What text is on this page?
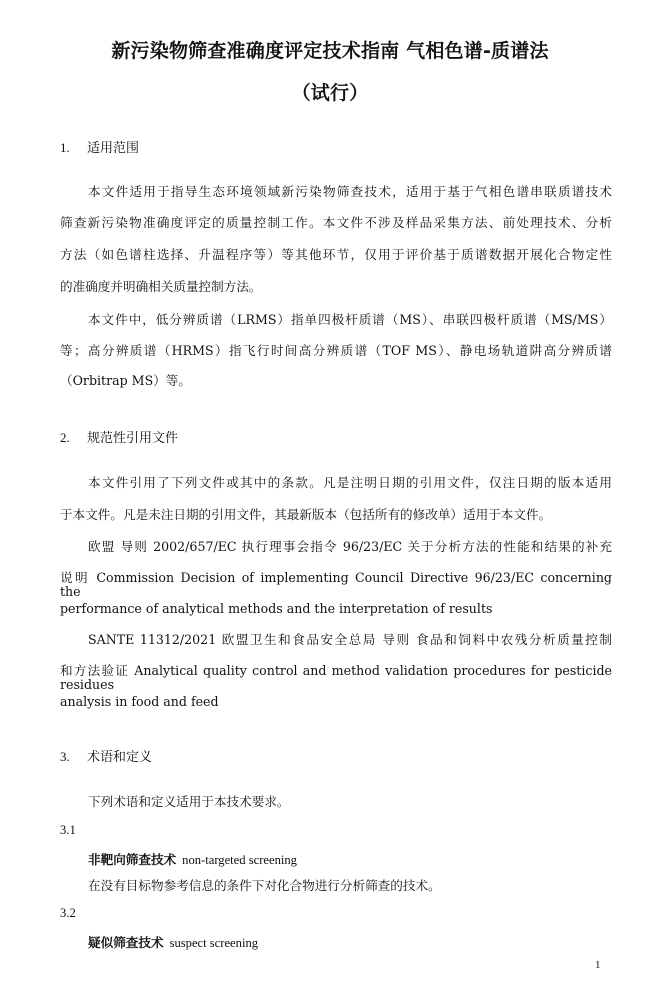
新污染物筛查准确度评定技术指南 气相色谱-质谱法
（试行）
1. 适用范围
本文件适用于指导生态环境领域新污染物筛查技术，适用于基于气相色谱串联质谱技术
筛查新污染物准确度评定的质量控制工作。本文件不涉及样品采集方法、前处理技术、分析
方法（如色谱柱选择、升温程序等）等其他环节，仅用于评价基于质谱数据开展化合物定性
的准确度并明确相关质量控制方法。
本文件中，低分辨质谱（LRMS）指单四极杆质谱（MS）、串联四极杆质谱（MS/MS）
等；高分辨质谱（HRMS）指飞行时间高分辨质谱（TOF MS）、静电场轨道阱高分辨质谱
（Orbitrap MS）等。
2. 规范性引用文件
本文件引用了下列文件或其中的条款。凡是注明日期的引用文件，仅注日期的版本适用
于本文件。凡是未注日期的引用文件，其最新版本（包括所有的修改单）适用于本文件。
欧盟 导则 2002/657/EC 执行理事会指令 96/23/EC 关于分析方法的性能和结果的补充
说明 Commission Decision of implementing Council Directive 96/23/EC concerning the
performance of analytical methods and the interpretation of results
SANTE 11312/2021 欧盟卫生和食品安全总局 导则 食品和饲料中农残分析质量控制
和方法验证 Analytical quality control and method validation procedures for pesticide residues
analysis in food and feed
3. 术语和定义
下列术语和定义适用于本技术要求。
3.1
非靶向筛查技术 non-targeted screening
在没有目标物参考信息的条件下对化合物进行分析筛查的技术。
3.2
疑似筛查技术 suspect screening
1
